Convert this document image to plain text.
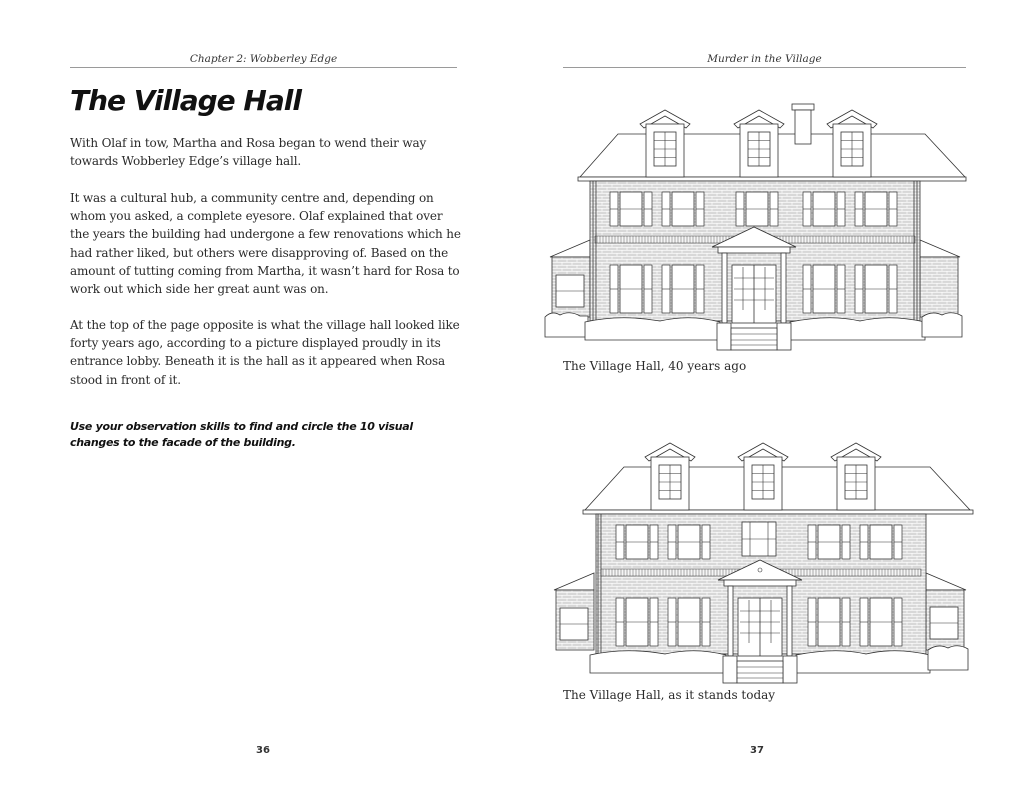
Chapter 2: Wobberley Edge
The Village Hall

With Olaf in tow, Martha and Rosa began to wend their way towards Wobberley Edge’s village hall.

It was a cultural hub, a community centre and, depending on whom you asked, a complete eyesore. Olaf explained that over the years the building had undergone a few renovations which he had rather liked, but others were disapproving of. Based on the amount of tutting coming from Martha, it wasn’t hard for Rosa to work out which side her great aunt was on.

At the top of the page opposite is what the village hall looked like forty years ago, according to a picture displayed proudly in its entrance lobby. Beneath it is the hall as it appeared when Rosa stood in front of it.

Use your observation skills to find and circle the 10 visual changes to the facade of the building.

36
Murder in the Village
The Village Hall, 40 years ago
The Village Hall, as it stands today
37
